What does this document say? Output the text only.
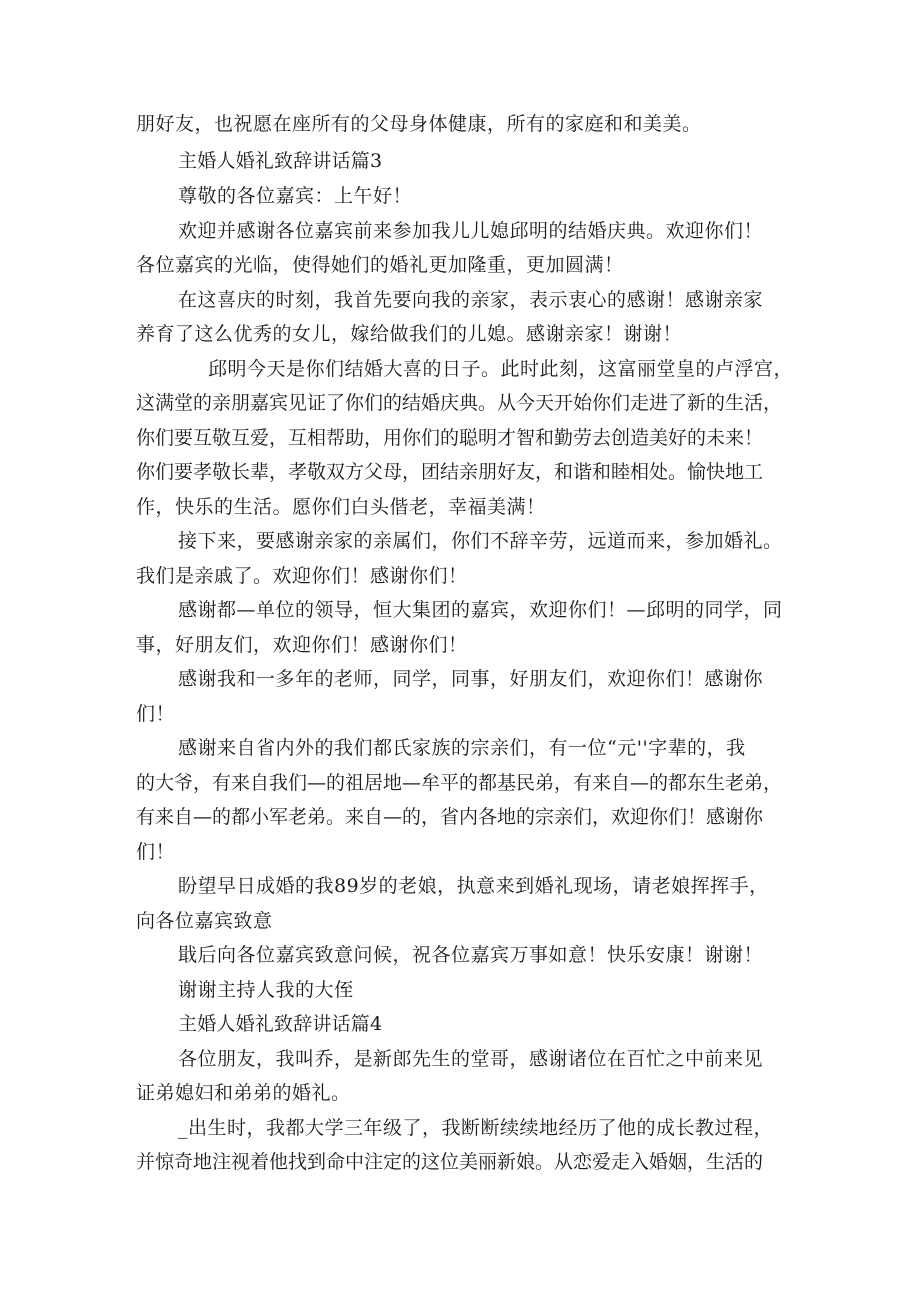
朋好友，也祝愿在座所有的父母身体健康，所有的家庭和和美美。
主婚人婚礼致辞讲话篇3
尊敬的各位嘉宾：上午好！
欢迎并感谢各位嘉宾前来参加我儿儿媳邱明的结婚庆典。欢迎你们！
各位嘉宾的光临，使得她们的婚礼更加隆重，更加圆满！
在这喜庆的时刻，我首先要向我的亲家，表示衷心的感谢！感谢亲家
养育了这么优秀的女儿，嫁给做我们的儿媳。感谢亲家！谢谢！
邱明今天是你们结婚大喜的日子。此时此刻，这富丽堂皇的卢浮宫，
这满堂的亲朋嘉宾见证了你们的结婚庆典。从今天开始你们走进了新的生活，
你们要互敬互爱，互相帮助，用你们的聪明才智和勤劳去创造美好的未来！
你们要孝敬长辈，孝敬双方父母，团结亲朋好友，和谐和睦相处。愉快地工
作，快乐的生活。愿你们白头偕老，幸福美满！
接下来，要感谢亲家的亲属们，你们不辞辛劳，远道而来，参加婚礼。
我们是亲戚了。欢迎你们！感谢你们！
感谢都—单位的领导，恒大集团的嘉宾，欢迎你们！—邱明的同学，同
事，好朋友们，欢迎你们！感谢你们！
感谢我和一多年的老师，同学，同事，好朋友们，欢迎你们！感谢你
们！
感谢来自省内外的我们都氏家族的宗亲们，有一位“元''字辈的，我
的大爷，有来自我们—的祖居地—牟平的都基民弟，有来自—的都东生老弟，
有来自—的都小军老弟。来自—的，省内各地的宗亲们，欢迎你们！感谢你
们！
盼望早日成婚的我89岁的老娘，执意来到婚礼现场，请老娘挥挥手，
向各位嘉宾致意
戢后向各位嘉宾致意问候，祝各位嘉宾万事如意！快乐安康！谢谢！
谢谢主持人我的大侄
主婚人婚礼致辞讲话篇4
各位朋友，我叫乔，是新郎先生的堂哥，感谢诸位在百忙之中前来见
证弟媳妇和弟弟的婚礼。
_出生时，我都大学三年级了，我断断续续地经历了他的成长教过程，
并惊奇地注视着他找到命中注定的这位美丽新娘。从恋爱走入婚姻，生活的
